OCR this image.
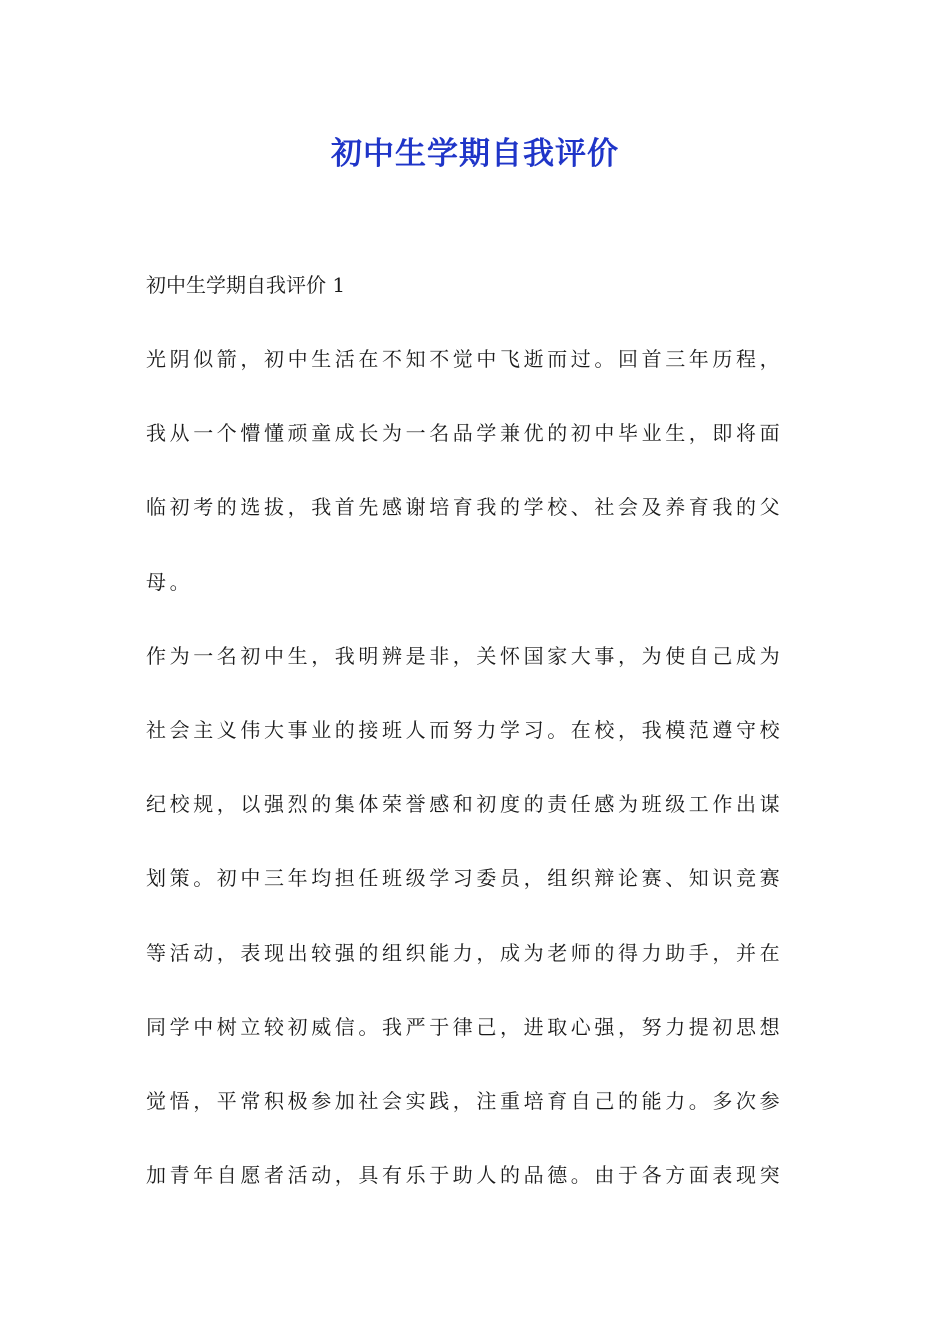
初中生学期自我评价

初中生学期自我评价 1

光阴似箭，初中生活在不知不觉中飞逝而过。回首三年历程，
我从一个懵懂顽童成长为一名品学兼优的初中毕业生，即将面
临初考的选拔，我首先感谢培育我的学校、社会及养育我的父
母。
作为一名初中生，我明辨是非，关怀国家大事，为使自己成为
社会主义伟大事业的接班人而努力学习。在校，我模范遵守校
纪校规，以强烈的集体荣誉感和初度的责任感为班级工作出谋
划策。初中三年均担任班级学习委员，组织辩论赛、知识竞赛
等活动，表现出较强的组织能力，成为老师的得力助手，并在
同学中树立较初威信。我严于律己，进取心强，努力提初思想
觉悟，平常积极参加社会实践，注重培育自己的能力。多次参
加青年自愿者活动，具有乐于助人的品德。由于各方面表现突
